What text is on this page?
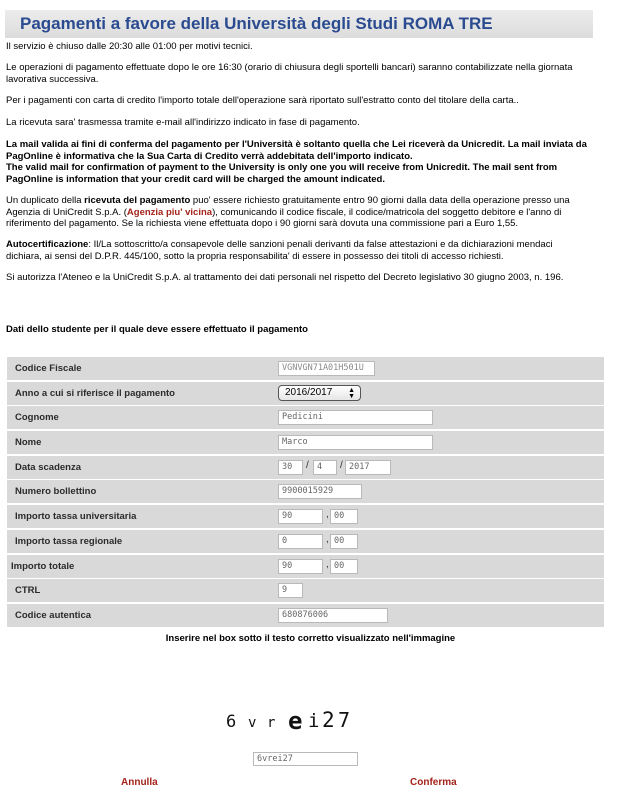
Pagamenti a favore della Università degli Studi ROMA TRE

Il servizio è chiuso dalle 20:30 alle 01:00 per motivi tecnici.

Le operazioni di pagamento effettuate dopo le ore 16:30 (orario di chiusura degli sportelli bancari) saranno contabilizzate nella giornata lavorativa successiva.

Per i pagamenti con carta di credito l'importo totale dell'operazione sarà riportato sull'estratto conto del titolare della carta..

La ricevuta sara' trasmessa tramite e-mail all'indirizzo indicato in fase di pagamento.

La mail valida ai fini di conferma del pagamento per l'Università è soltanto quella che Lei riceverà da Unicredit. La mail inviata da PagOnline è informativa che la Sua Carta di Credito verrà addebitata dell'importo indicato.
The valid mail for confirmation of payment to the University is only one you will receive from Unicredit. The mail sent from PagOnline is information that your credit card will be charged the amount indicated.

Un duplicato della ricevuta del pagamento puo' essere richiesto gratuitamente entro 90 giorni dalla data della operazione presso una Agenzia di UniCredit S.p.A. (Agenzia piu' vicina), comunicando il codice fiscale, il codice/matricola del soggetto debitore e l'anno di riferimento del pagamento. Se la richiesta viene effettuata dopo i 90 giorni sarà dovuta una commissione pari a Euro 1,55.

Autocertificazione: Il/La sottoscritto/a consapevole delle sanzioni penali derivanti da false attestazioni e da dichiarazioni mendaci dichiara, ai sensi del D.P.R. 445/100, sotto la propria responsabilita' di essere in possesso dei titoli di accesso richiesti.

Si autorizza l'Ateneo e la UniCredit S.p.A. al trattamento dei dati personali nel rispetto del Decreto legislativo 30 giugno 2003, n. 196.

Dati dello studente per il quale deve essere effettuato il pagamento
Codice Fiscale	VGNVGN71A01H501U
Anno a cui si riferisce il pagamento	2016/2017 ▲
▼
Cognome	Pedicini
Nome	Marco
Data scadenza	30	/ 4	/ 2017
Numero bollettino	9900015929
Importo tassa universitaria	90	, 00
Importo tassa regionale	0	, 00
Importo totale	90	, 00
CTRL	9
Codice autentica	680876006
Inserire nel box sotto il testo corretto visualizzato nell'immagine
6 v r e i 2 7
6vrei27
Annulla	Conferma
